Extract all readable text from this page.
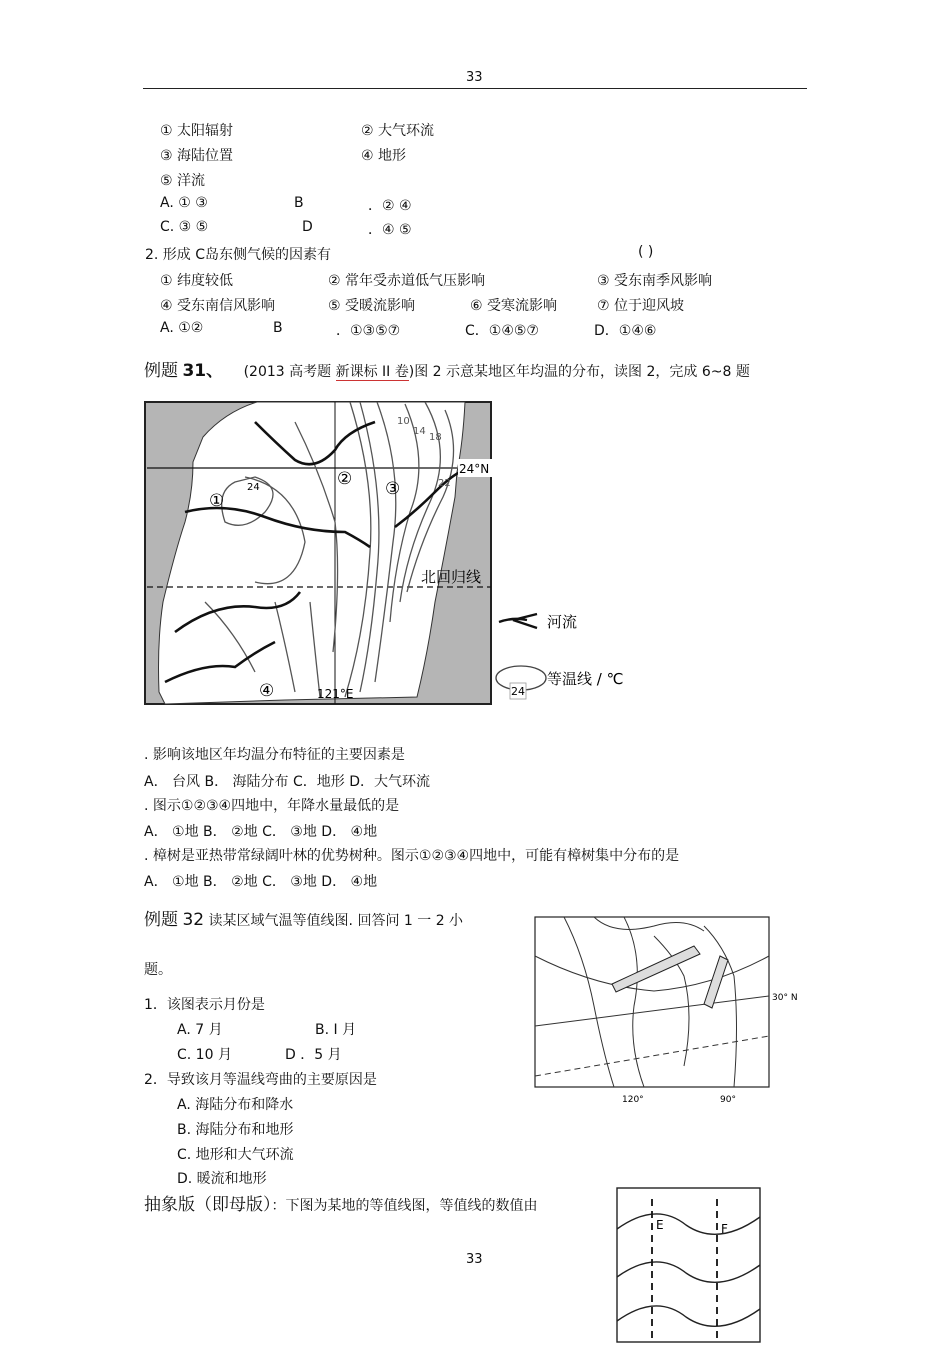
33
① 太阳辐射	② 大气环流
③ 海陆位置	④ 地形
⑤ 洋流
A. ① ③	B	．② ④
C. ③ ⑤	D	．④ ⑤
2. 形成 C岛东侧气候的因素有	( )
① 纬度较低	② 常年受赤道低气压影响	③ 受东南季风影响
④ 受东南信风影响	⑤ 受暖流影响	⑥ 受寒流影响	⑦ 位于迎风坡
A. ①②	B	．①③⑤⑦	C．①④⑤⑦	D．①④⑥
例题 31、 (2013 高考题 新课标 II 卷)图 2 示意某地区年均温的分布，读图 2，完成 6~8 题
24°N
121°E
北回归线
24
10
14
18
22
①
② ③
④
河流
24
等温线 / ℃
. 影响该地区年均温分布特征的主要因素是
A． 台风 B． 海陆分布 C．地形 D．大气环流
. 图示①②③④四地中，年降水量最低的是
A． ①地 B． ②地 C． ③地 D． ④地
. 樟树是亚热带常绿阔叶林的优势树种。图示①②③④四地中，可能有樟树集中分布的是
A． ①地 B． ②地 C． ③地 D． ④地
例题 32 读某区域气温等值线图. 回答问 1 一 2 小
题。
1．该图表示月份是
A. 7 月	B. I 月
C. 10 月	D ．5 月
2．导致该月等温线弯曲的主要原因是
A. 海陆分布和降水
B. 海陆分布和地形
C. 地形和大气环流
D. 暖流和地形
30° N
120°	90°
抽象版（即母版）：下图为某地的等值线图，等值线的数值由
33
E	F
